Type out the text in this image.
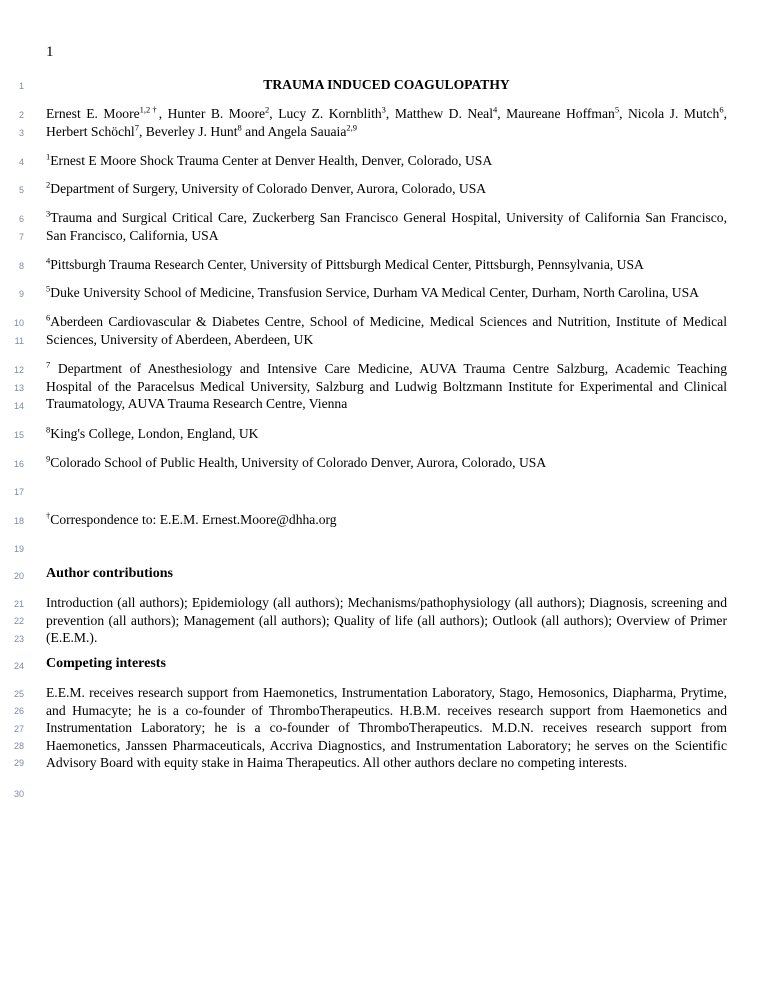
1
1
2
3
4
5
6
7
8
9
10
11
12
13
14
15
16
17
18
19
20
21
22
23
24
25
26
27
28
29
30
TRAUMA INDUCED COAGULOPATHY
Ernest E. Moore$^{1,2\dagger}$, Hunter B. Moore$^2$, Lucy Z. Kornblith$^3$, Matthew D. Neal$^4$, Maureane Hoffman$^5$, Nicola J. Mutch$^6$,
Herbert Schöchl$^7$, Beverley J. Hunt$^8$ and Angela Sauaia$^{2,9}$
$^1$Ernest E Moore Shock Trauma Center at Denver Health, Denver, Colorado, USA
$^2$Department of Surgery, University of Colorado Denver, Aurora, Colorado, USA
$^3$Trauma and Surgical Critical Care, Zuckerberg San Francisco General Hospital, University of California San Francisco,
San Francisco, California, USA
$^4$Pittsburgh Trauma Research Center, University of Pittsburgh Medical Center, Pittsburgh, Pennsylvania, USA
$^5$Duke University School of Medicine, Transfusion Service, Durham VA Medical Center, Durham, North Carolina, USA
$^6$Aberdeen Cardiovascular & Diabetes Centre, School of Medicine, Medical Sciences and Nutrition, Institute of Medical
Sciences, University of Aberdeen, Aberdeen, UK
$^7$ Department of Anesthesiology and Intensive Care Medicine, AUVA Trauma Centre Salzburg, Academic Teaching
Hospital of the Paracelsus Medical University, Salzburg and Ludwig Boltzmann Institute for Experimental and Clinical
Traumatology, AUVA Trauma Research Centre, Vienna
$^8$King's College, London, England, UK
$^9$Colorado School of Public Health, University of Colorado Denver, Aurora, Colorado, USA
†Correspondence to: E.E.M. Ernest.Moore@dhha.org
Author contributions
Introduction (all authors); Epidemiology (all authors); Mechanisms/pathophysiology (all authors); Diagnosis, screening and
prevention (all authors); Management (all authors); Quality of life (all authors); Outlook (all authors); Overview of Primer
(E.E.M.).
Competing interests
E.E.M. receives research support from Haemonetics, Instrumentation Laboratory, Stago, Hemosonics, Diapharma, Prytime,
and Humacyte; he is a co-founder of ThromboTherapeutics. H.B.M. receives research support from Haemonetics and
Instrumentation Laboratory; he is a co-founder of ThromboTherapeutics. M.D.N. receives research support from
Haemonetics, Janssen Pharmaceuticals, Accriva Diagnostics, and Instrumentation Laboratory; he serves on the Scientific
Advisory Board with equity stake in Haima Therapeutics. All other authors declare no competing interests.
